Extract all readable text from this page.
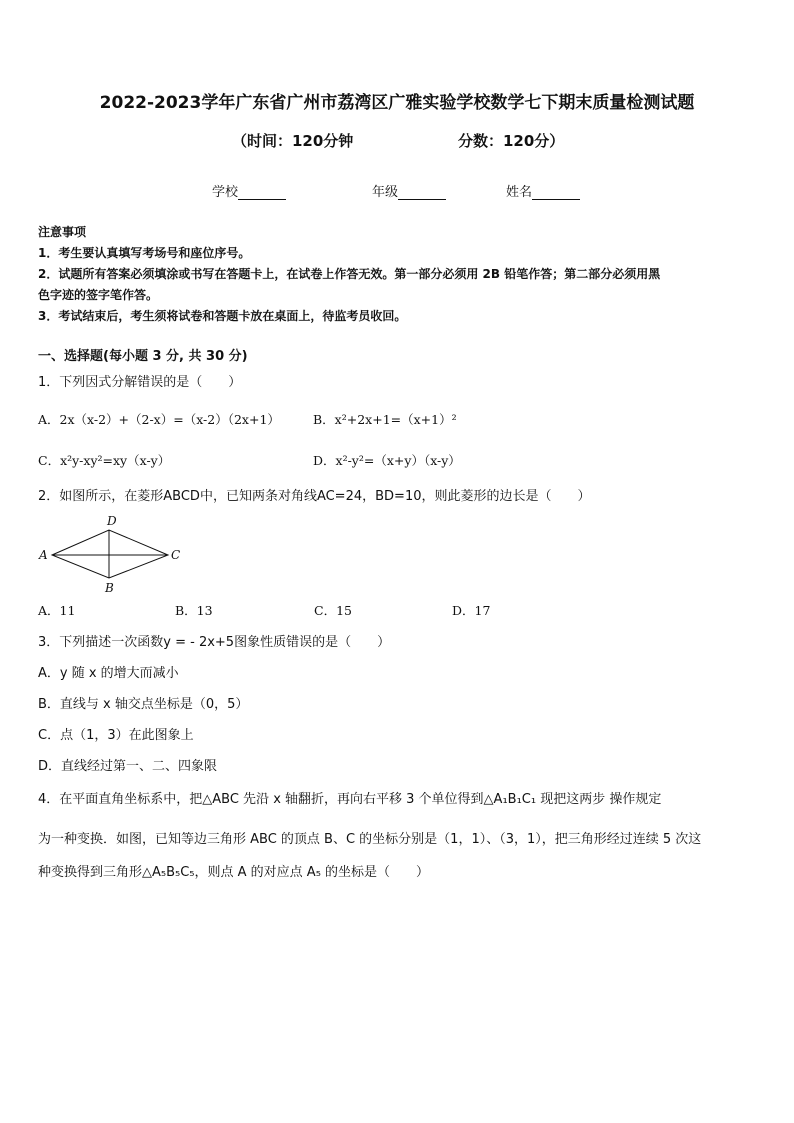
2022-2023学年广东省广州市荔湾区广雅实验学校数学七下期末质量检测试题
（时间：120分钟	分数：120分）
学校	年级	姓名
注意事项
1．考生要认真填写考场号和座位序号。
2．试题所有答案必须填涂或书写在答题卡上，在试卷上作答无效。第一部分必须用 2B 铅笔作答；第二部分必须用黑
色字迹的签字笔作答。
3．考试结束后，考生须将试卷和答题卡放在桌面上，待监考员收回。
一、选择题(每小题 3 分, 共 30 分)
1．下列因式分解错误的是（　　）
A．2x（x-2）+（2-x）=（x-2）（2x+1）	B．x²+2x+1=（x+1）²
C．x²y-xy²=xy（x-y）	D．x²-y²=（x+y）（x-y）
2．如图所示，在菱形ABCD中，已知两条对角线AC=24，BD=10，则此菱形的边长是（　　）
D
A	C
B
A．11	B．13	C．15	D．17
3．下列描述一次函数y = - 2x+5图象性质错误的是（　　）
A．y 随 x 的增大而减小
B．直线与 x 轴交点坐标是（0，5）
C．点（1，3）在此图象上
D．直线经过第一、二、四象限
4．在平面直角坐标系中，把△ABC 先沿 x 轴翻折，再向右平移 3 个单位得到△A₁B₁C₁ 现把这两步 操作规定
为一种变换．如图，已知等边三角形 ABC 的顶点 B、C 的坐标分别是（1，1）、（3，1），把三角形经过连续 5 次这
种变换得到三角形△A₅B₅C₅，则点 A 的对应点 A₅ 的坐标是（　　）
